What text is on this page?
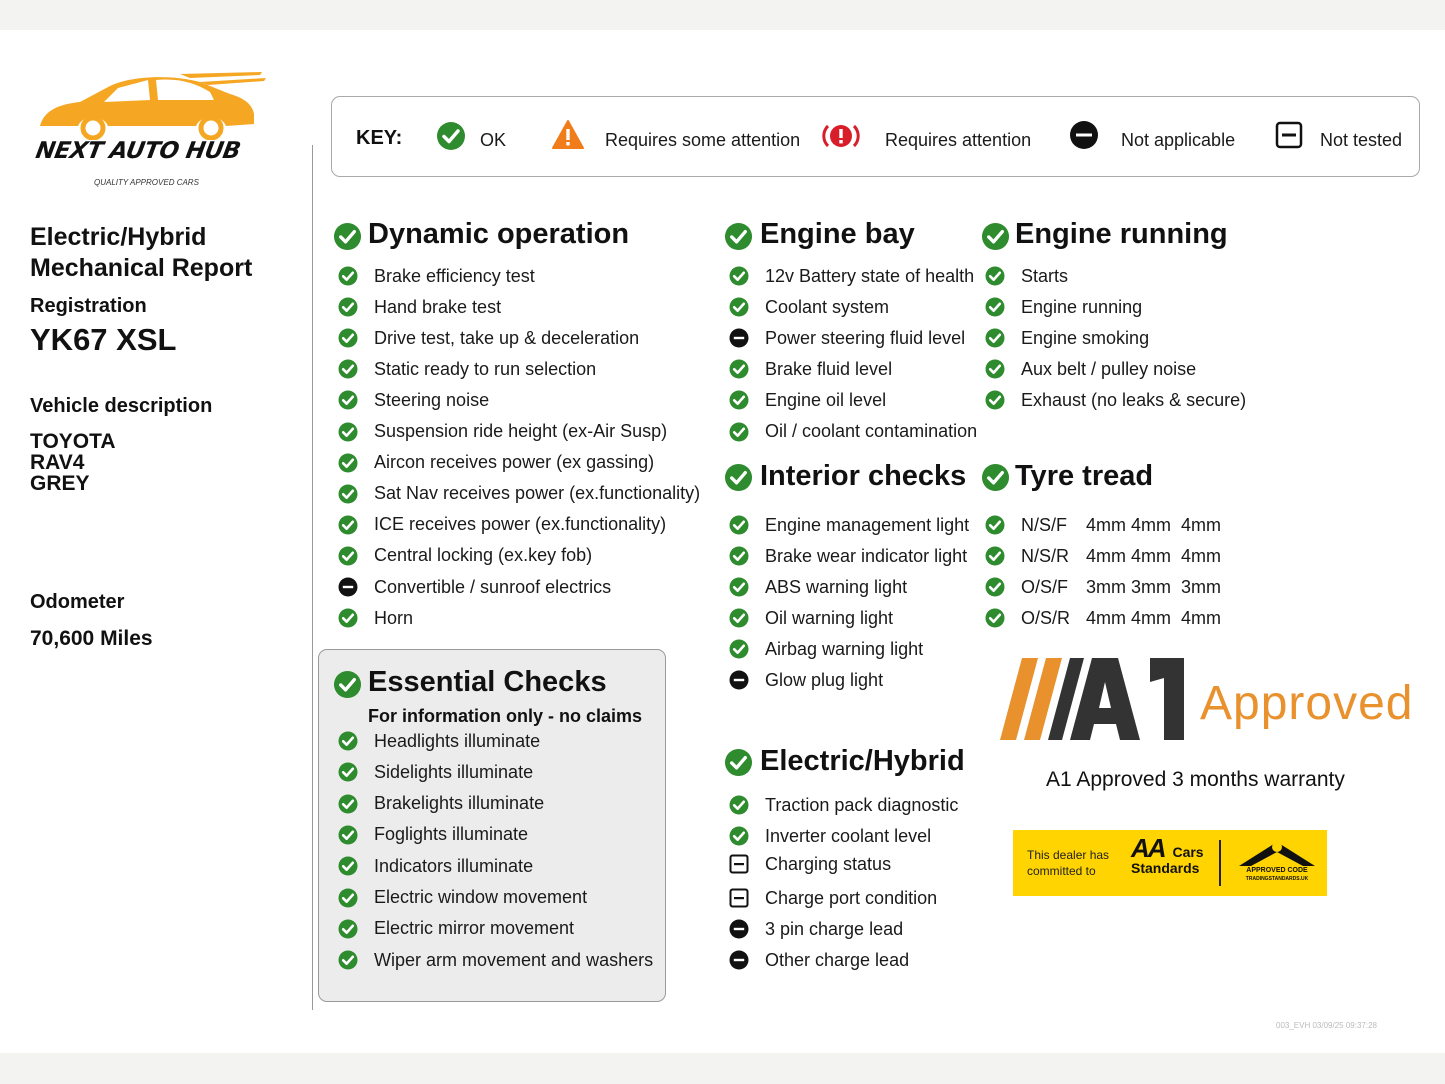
NEXT AUTO HUB
QUALITY APPROVED CARS
Electric/Hybrid Mechanical Report
Registration
YK67 XSL
Vehicle description
TOYOTA
RAV4
GREY
Odometer
70,600 Miles
KEY:	OK	Requires some attention	Requires attention	Not applicable	Not tested
Dynamic operation	Engine bay	Engine running
Interior checks Tyre tread
Essential Checks
For information only - no claims
Electric/Hybrid
Brake efficiency test
Hand brake test
Drive test, take up & deceleration
Static ready to run selection
Steering noise
Suspension ride height (ex-Air Susp)
Aircon receives power (ex gassing)
Sat Nav receives power (ex.functionality)
ICE receives power (ex.functionality)
Central locking (ex.key fob)
Convertible / sunroof electrics
Horn
Headlights illuminate
Sidelights illuminate
Brakelights illuminate
Foglights illuminate
Indicators illuminate
Electric window movement
Electric mirror movement
Wiper arm movement and washers
12v Battery state of health
Coolant system
Power steering fluid level
Brake fluid level
Engine oil level
Oil / coolant contamination
Engine management light
Brake wear indicator light
ABS warning light
Oil warning light
Airbag warning light
Glow plug light
Traction pack diagnostic
Inverter coolant level
Charging status
Charge port condition
3 pin charge lead
Other charge lead
Starts
Engine running
Engine smoking
Aux belt / pulley noise
Exhaust (no leaks & secure)
N/S/F 4mm 4mm  4mm
N/S/R 4mm 4mm  4mm
O/S/F 3mm 3mm  3mm
O/S/R 4mm 4mm  4mm
Approved
A1 Approved 3 months warranty
This dealer has committed to
AA Cars
Standards	APPROVED CODE
TRADINGSTANDARDS.UK
003_EVH 03/09/25 09:37:28
